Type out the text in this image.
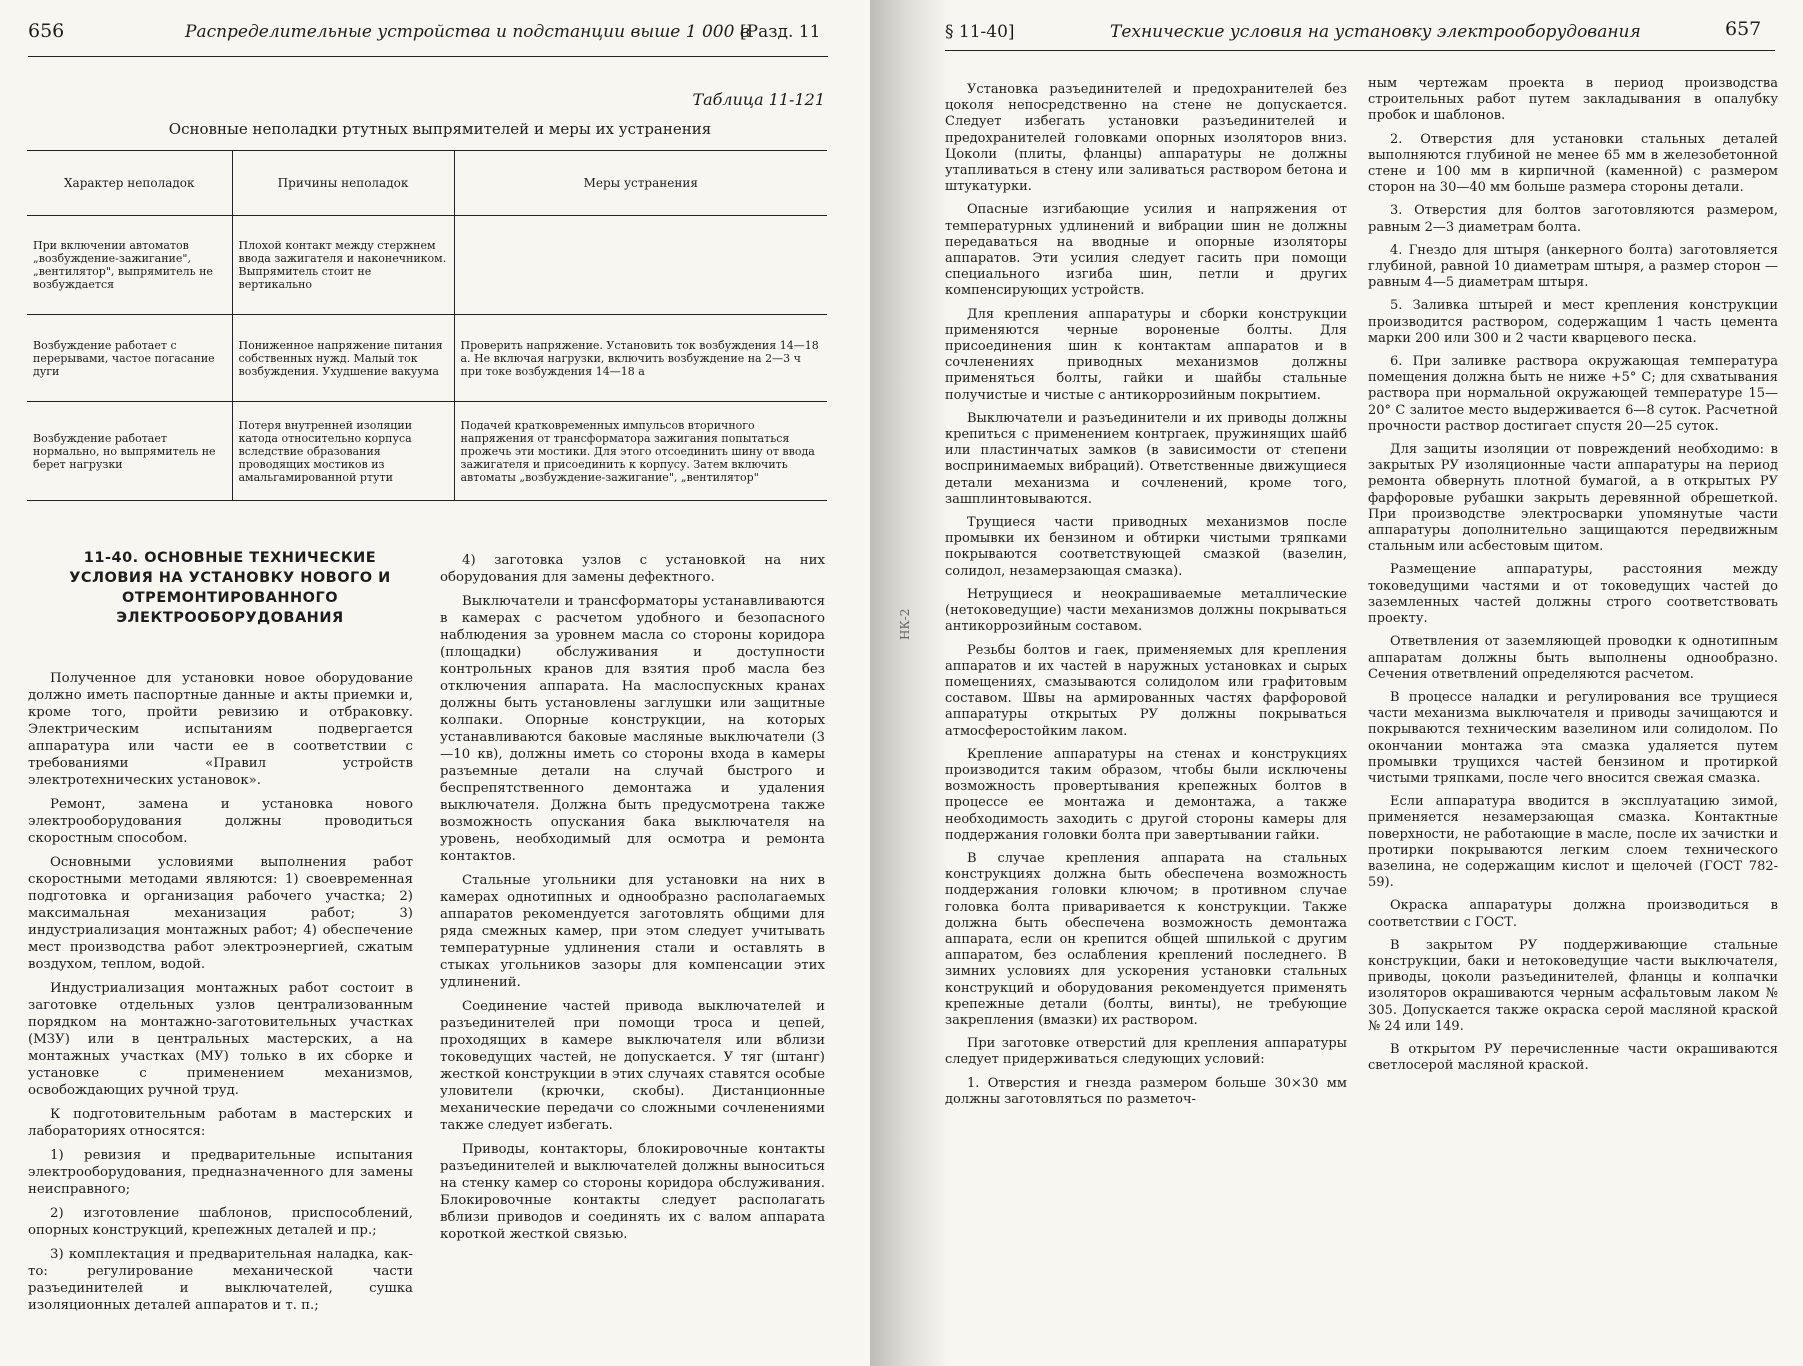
656	Распределительные устройства и подстанции выше 1 000 в
[Разд. 11
Таблица 11-121
Основные неполадки ртутных выпрямителей и меры их устранения
Характер неполадок	Причины неполадок	Меры устранения
При включении автоматов „возбуждение-зажигание", „вентилятор", выпрямитель не возбуждается	Плохой контакт между стержнем ввода зажигателя и наконечником. Выпрямитель стоит не вертикально	
Возбуждение работает с перерывами, частое погасание дуги	Пониженное напряжение питания собственных нужд. Малый ток возбуждения. Ухудшение вакуума	Проверить напряжение. Установить ток возбуждения 14—18 а. Не включая нагрузки, включить возбуждение на 2—3 ч при токе возбуждения 14—18 а
Возбуждение работает нормально, но выпрямитель не берет нагрузки	Потеря внутренней изоляции катода относительно корпуса вследствие образования проводящих мостиков из амальгамированной ртути	Подачей кратковременных импульсов вторичного напряжения от трансформатора зажигания попытаться прожечь эти мостики. Для этого отсоединить шину от ввода зажигателя и присоединить к корпусу. Затем включить автоматы „возбуждение-зажигание", „вентилятор"
11-40. ОСНОВНЫЕ ТЕХНИЧЕСКИЕ УСЛОВИЯ НА УСТАНОВКУ НОВОГО И ОТРЕМОНТИРОВАННОГО ЭЛЕКТРООБОРУДОВАНИЯ

Полученное для установки новое оборудование должно иметь паспортные данные и акты приемки и, кроме того, пройти ревизию и отбраковку. Электрическим испытаниям подвергается аппаратура или части ее в соответствии с требованиями «Правил устройств электротехнических установок».

Ремонт, замена и установка нового электрооборудования должны проводиться скоростным способом.

Основными условиями выполнения работ скоростными методами являются: 1) своевременная подготовка и организация рабочего участка; 2) максимальная механизация работ; 3) индустриализация монтажных работ; 4) обеспечение мест производства работ электроэнергией, сжатым воздухом, теплом, водой.

Индустриализация монтажных работ состоит в заготовке отдельных узлов централизованным порядком на монтажно-заготовительных участках (МЗУ) или в центральных мастерских, а на монтажных участках (МУ) только в их сборке и установке с применением механизмов, освобождающих ручной труд.

К подготовительным работам в мастерских и лабораториях относятся:

1) ревизия и предварительные испытания электрооборудования, предназначенного для замены неисправного;

2) изготовление шаблонов, приспособлений, опорных конструкций, крепежных деталей и пр.;

3) комплектация и предварительная наладка, как-то: регулирование механической части разъединителей и выключателей, сушка изоляционных деталей аппаратов и т. п.;

4) заготовка узлов с установкой на них оборудования для замены дефектного.

Выключатели и трансформаторы устанавливаются в камерах с расчетом удобного и безопасного наблюдения за уровнем масла со стороны коридора (площадки) обслуживания и доступности контрольных кранов для взятия проб масла без отключения аппарата. На маслоспускных кранах должны быть установлены заглушки или защитные колпаки. Опорные конструкции, на которых устанавливаются баковые масляные выключатели (3—10 кв), должны иметь со стороны входа в камеры разъемные детали на случай быстрого и беспрепятственного демонтажа и удаления выключателя. Должна быть предусмотрена также возможность опускания бака выключателя на уровень, необходимый для осмотра и ремонта контактов.

Стальные угольники для установки на них в камерах однотипных и однообразно располагаемых аппаратов рекомендуется заготовлять общими для ряда смежных камер, при этом следует учитывать температурные удлинения стали и оставлять в стыках угольников зазоры для компенсации этих удлинений.

Соединение частей привода выключателей и разъединителей при помощи троса и цепей, проходящих в камере выключателя или вблизи токоведущих частей, не допускается. У тяг (штанг) жесткой конструкции в этих случаях ставятся особые уловители (крючки, скобы). Дистанционные механические передачи со сложными сочленениями также следует избегать.

Приводы, контакторы, блокировочные контакты разъединителей и выключателей должны выноситься на стенку камер со стороны коридора обслуживания. Блокировочные контакты следует располагать вблизи приводов и соединять их с валом аппарата короткой жесткой связью.

НК-2
§ 11-40]	Технические условия на установку электрооборудования	657

Установка разъединителей и предохранителей без цоколя непосредственно на стене не допускается. Следует избегать установки разъединителей и предохранителей головками опорных изоляторов вниз. Цоколи (плиты, фланцы) аппаратуры не должны утапливаться в стену или заливаться раствором бетона и штукатурки.

Опасные изгибающие усилия и напряжения от температурных удлинений и вибрации шин не должны передаваться на вводные и опорные изоляторы аппаратов. Эти усилия следует гасить при помощи специального изгиба шин, петли и других компенсирующих устройств.

Для крепления аппаратуры и сборки конструкции применяются черные вороненые болты. Для присоединения шин к контактам аппаратов и в сочленениях приводных механизмов должны применяться болты, гайки и шайбы стальные получистые и чистые с антикоррозийным покрытием.

Выключатели и разъединители и их приводы должны крепиться с применением контргаек, пружинящих шайб или пластинчатых замков (в зависимости от степени воспринимаемых вибраций). Ответственные движущиеся детали механизма и сочленений, кроме того, зашплинтовываются.

Трущиеся части приводных механизмов после промывки их бензином и обтирки чистыми тряпками покрываются соответствующей смазкой (вазелин, солидол, незамерзающая смазка).

Нетрущиеся и неокрашиваемые металлические (нетоковедущие) части механизмов должны покрываться антикоррозийным составом.

Резьбы болтов и гаек, применяемых для крепления аппаратов и их частей в наружных установках и сырых помещениях, смазываются солидолом или графитовым составом. Швы на армированных частях фарфоровой аппаратуры открытых РУ должны покрываться атмосферостойким лаком.

Крепление аппаратуры на стенах и конструкциях производится таким образом, чтобы были исключены возможность провертывания крепежных болтов в процессе ее монтажа и демонтажа, а также необходимость заходить с другой стороны камеры для поддержания головки болта при завертывании гайки.

В случае крепления аппарата на стальных конструкциях должна быть обеспечена возможность поддержания головки ключом; в противном случае головка болта приваривается к конструкции. Также должна быть обеспечена возможность демонтажа аппарата, если он крепится общей шпилькой с другим аппаратом, без ослабления креплений последнего. В зимних условиях для ускорения установки стальных конструкций и оборудования рекомендуется применять крепежные детали (болты, винты), не требующие закрепления (вмазки) их раствором.

При заготовке отверстий для крепления аппаратуры следует придерживаться следующих условий:

1. Отверстия и гнезда размером больше 30×30 мм должны заготовляться по разметоч-

ным чертежам проекта в период производства строительных работ путем закладывания в опалубку пробок и шаблонов.

2. Отверстия для установки стальных деталей выполняются глубиной не менее 65 мм в железобетонной стене и 100 мм в кирпичной (каменной) с размером сторон на 30—40 мм больше размера стороны детали.

3. Отверстия для болтов заготовляются размером, равным 2—3 диаметрам болта.

4. Гнездо для штыря (анкерного болта) заготовляется глубиной, равной 10 диаметрам штыря, а размер сторон — равным 4—5 диаметрам штыря.

5. Заливка штырей и мест крепления конструкции производится раствором, содержащим 1 часть цемента марки 200 или 300 и 2 части кварцевого песка.

6. При заливке раствора окружающая температура помещения должна быть не ниже +5° С; для схватывания раствора при нормальной окружающей температуре 15—20° С залитое место выдерживается 6—8 суток. Расчетной прочности раствор достигает спустя 20—25 суток.

Для защиты изоляции от повреждений необходимо: в закрытых РУ изоляционные части аппаратуры на период ремонта обвернуть плотной бумагой, а в открытых РУ фарфоровые рубашки закрыть деревянной обрешеткой. При производстве электросварки упомянутые части аппаратуры дополнительно защищаются передвижным стальным или асбестовым щитом.

Размещение аппаратуры, расстояния между токоведущими частями и от токоведущих частей до заземленных частей должны строго соответствовать проекту.

Ответвления от заземляющей проводки к однотипным аппаратам должны быть выполнены однообразно. Сечения ответвлений определяются расчетом.

В процессе наладки и регулирования все трущиеся части механизма выключателя и приводы зачищаются и покрываются техническим вазелином или солидолом. По окончании монтажа эта смазка удаляется путем промывки трущихся частей бензином и протиркой чистыми тряпками, после чего вносится свежая смазка.

Если аппаратура вводится в эксплуатацию зимой, применяется незамерзающая смазка. Контактные поверхности, не работающие в масле, после их зачистки и протирки покрываются легким слоем технического вазелина, не содержащим кислот и щелочей (ГОСТ 782-59).

Окраска аппаратуры должна производиться в соответствии с ГОСТ.

В закрытом РУ поддерживающие стальные конструкции, баки и нетоковедущие части выключателя, приводы, цоколи разъединителей, фланцы и колпачки изоляторов окрашиваются черным асфальтовым лаком № 305. Допускается также окраска серой масляной краской № 24 или 149.

В открытом РУ перечисленные части окрашиваются светлосерой масляной краской.
